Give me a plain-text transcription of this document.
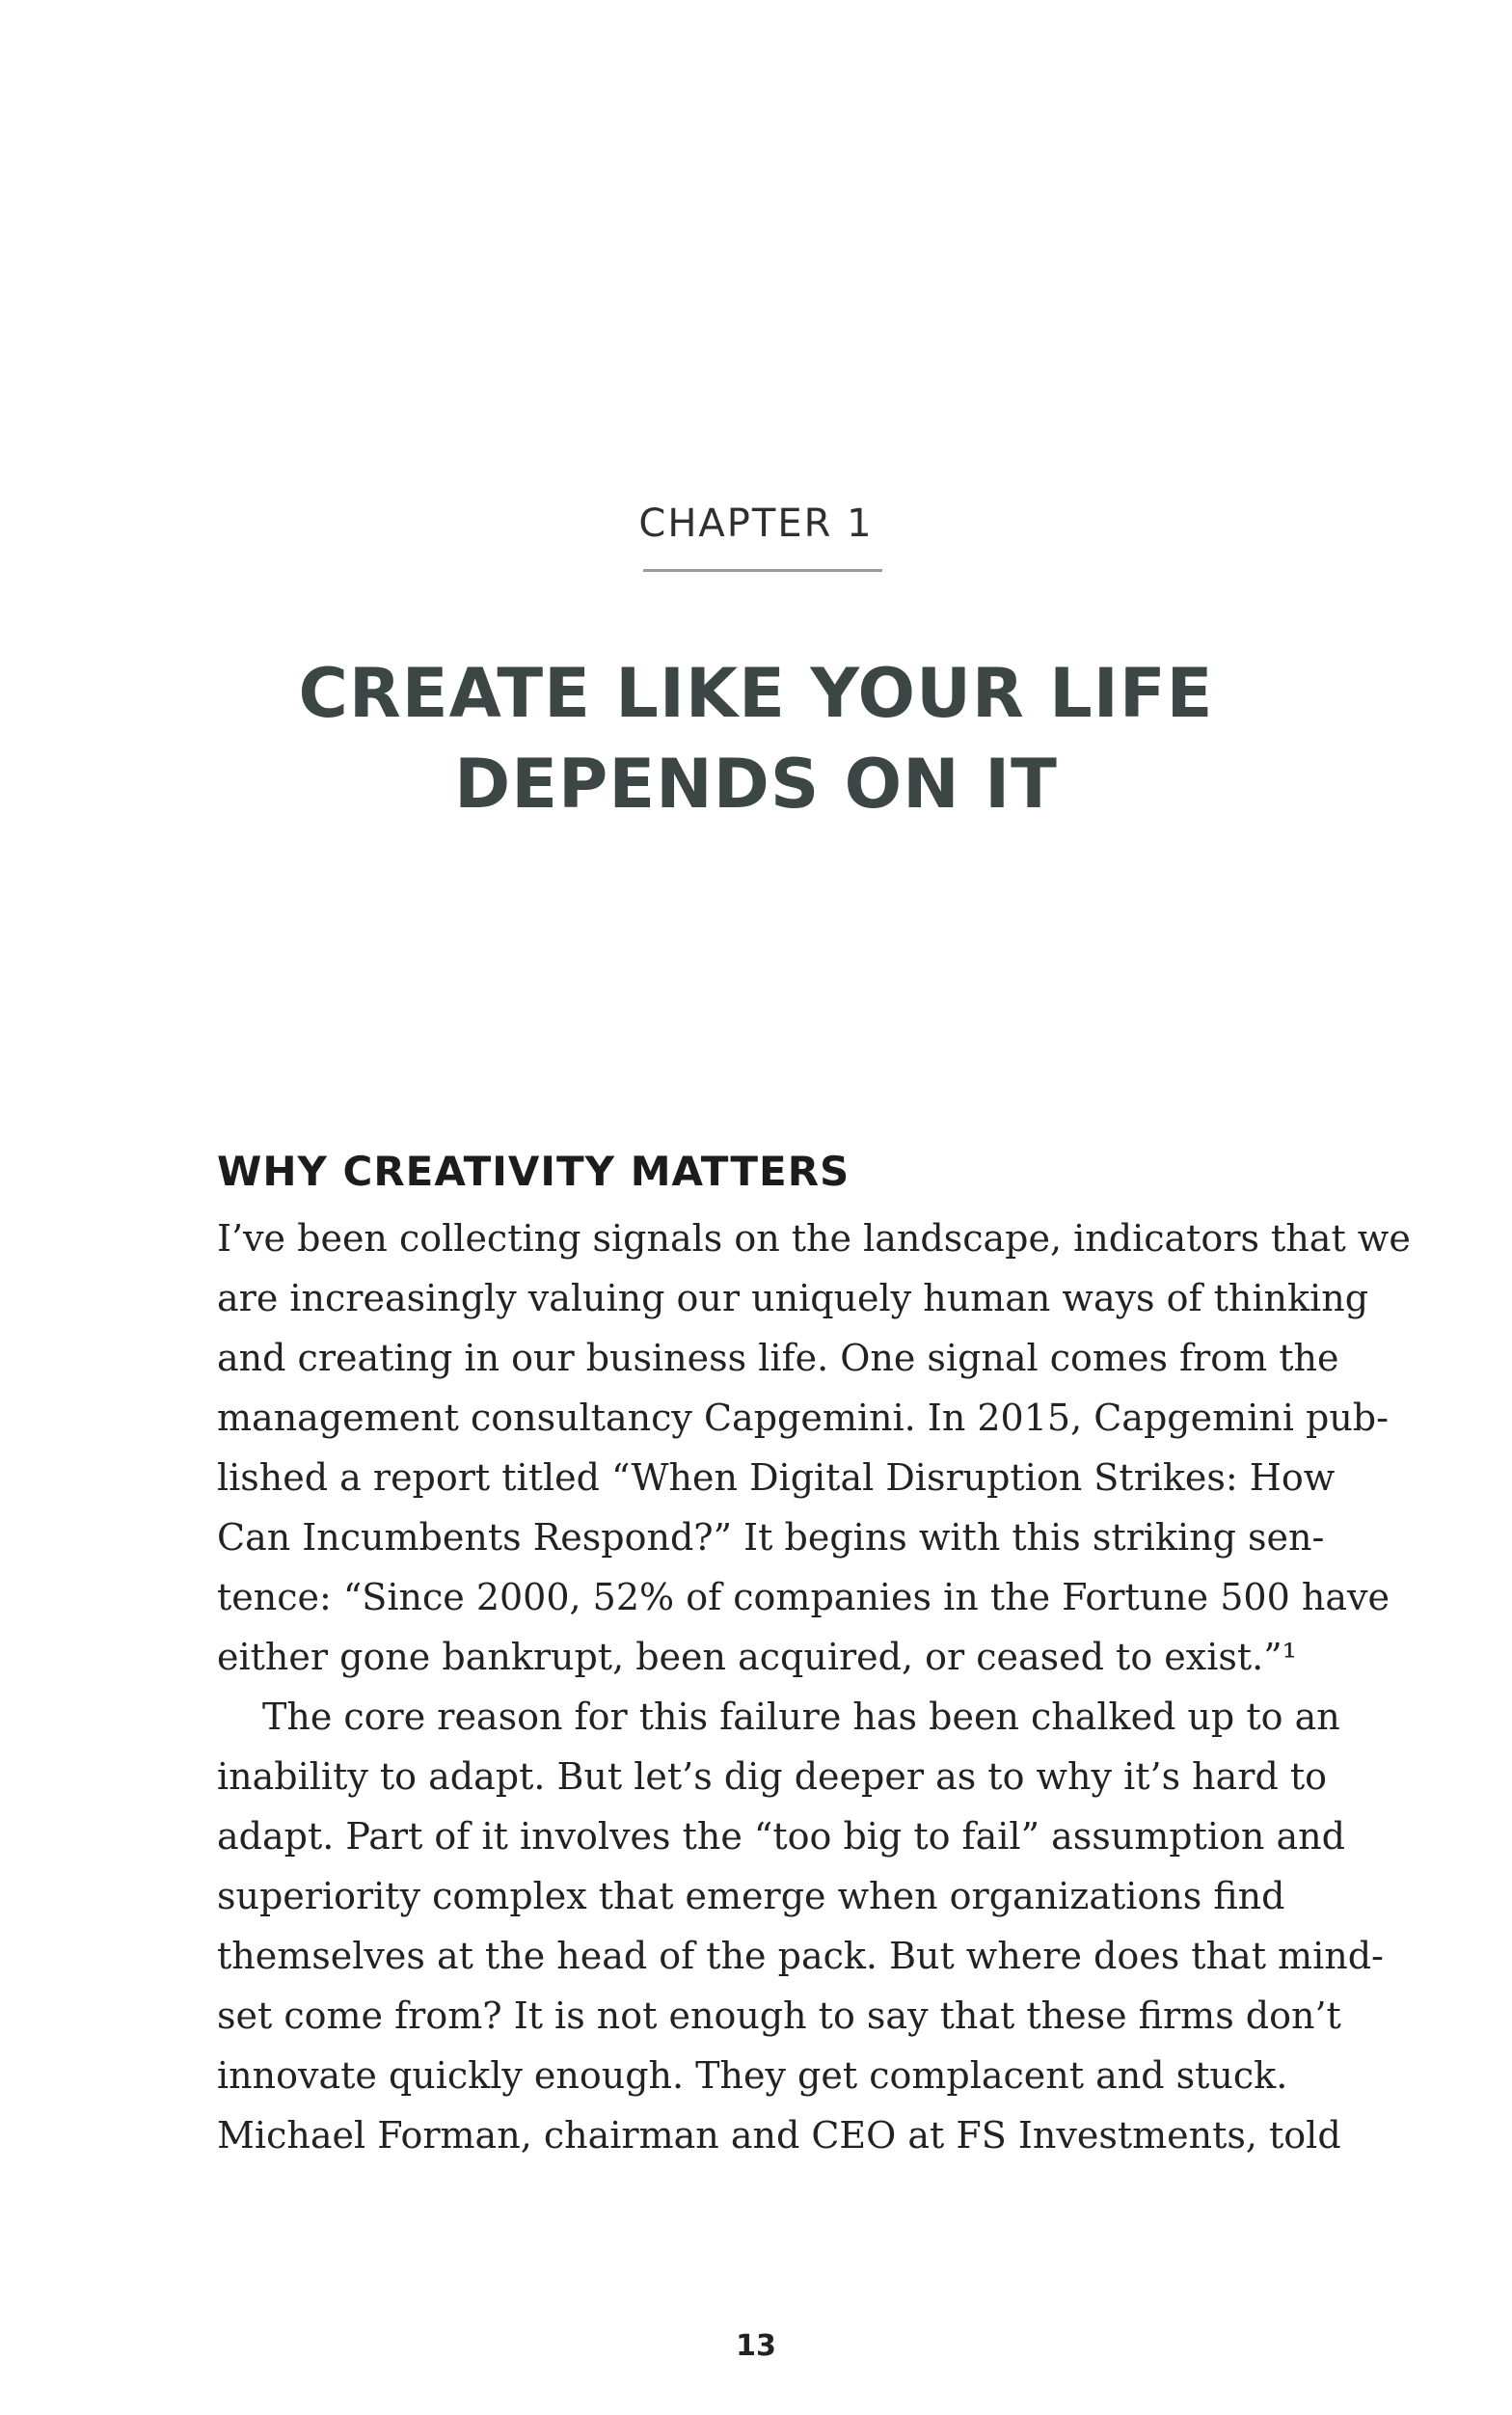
CHAPTER 1
CREATE LIKE YOUR LIFE
DEPENDS ON IT
WHY CREATIVITY MATTERS
I’ve been collecting signals on the landscape, indicators that we
are increasingly valuing our uniquely human ways of thinking
and creating in our business life. One signal comes from the
management consultancy Capgemini. In 2015, Capgemini pub-
lished a report titled “When Digital Disruption Strikes: How
Can Incumbents Respond?” It begins with this striking sen-
tence: “Since 2000, 52% of companies in the Fortune 500 have
either gone bankrupt, been acquired, or ceased to exist.”¹
The core reason for this failure has been chalked up to an
inability to adapt. But let’s dig deeper as to why it’s hard to
adapt. Part of it involves the “too big to fail” assumption and
superiority complex that emerge when organizations find
themselves at the head of the pack. But where does that mind-
set come from? It is not enough to say that these firms don’t
innovate quickly enough. They get complacent and stuck.
Michael Forman, chairman and CEO at FS Investments, told
13
